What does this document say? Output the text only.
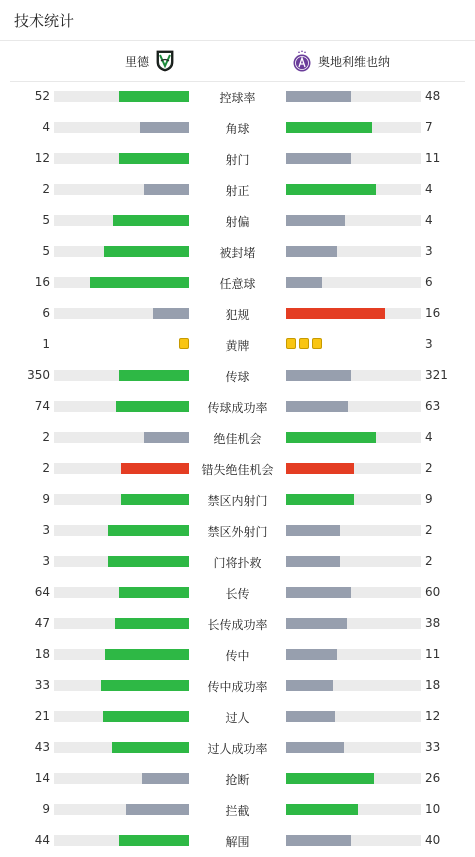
技术统计
里德	奥地利维也纳
52	控球率	48
4	角球	7
12	射门	11
2	射正	4
5	射偏	4
5	被封堵	3
16	任意球	6
6	犯规	16
1	黄牌	3
350	传球	321
74	传球成功率	63
2	绝佳机会	4
2	错失绝佳机会	2
9	禁区内射门	9
3	禁区外射门	2
3	门将扑救	2
64	长传	60
47	长传成功率	38
18	传中	11
33	传中成功率	18
21	过人	12
43	过人成功率	33
14	抢断	26
9	拦截	10
44	解围	40
